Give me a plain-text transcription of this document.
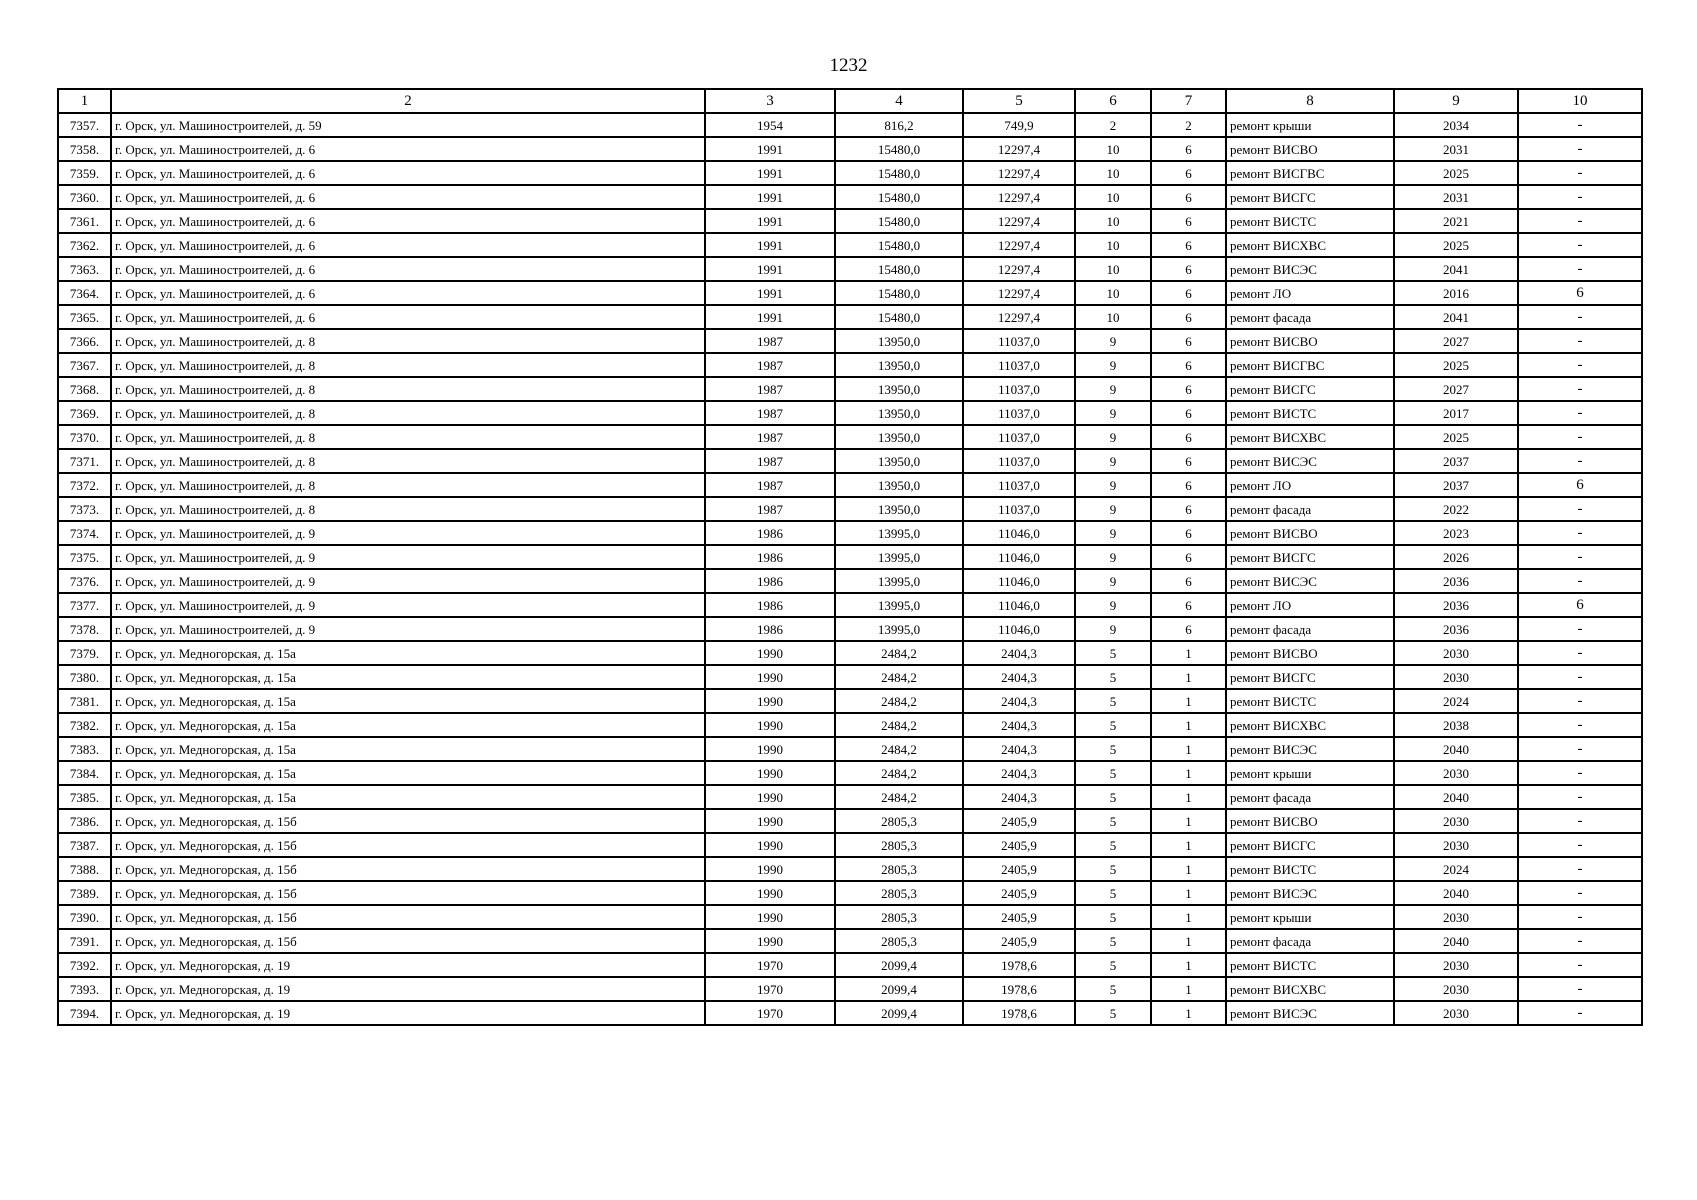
1232
1	2	3	4	5	6	7	8	9	10
7357.	г. Орск, ул. Машиностроителей, д. 59	1954	816,2	749,9	2	2	ремонт крыши	2034	-
7358.	г. Орск, ул. Машиностроителей, д. 6	1991	15480,0	12297,4	10	6	ремонт ВИСВО	2031	-
7359.	г. Орск, ул. Машиностроителей, д. 6	1991	15480,0	12297,4	10	6	ремонт ВИСГВС	2025	-
7360.	г. Орск, ул. Машиностроителей, д. 6	1991	15480,0	12297,4	10	6	ремонт ВИСГС	2031	-
7361.	г. Орск, ул. Машиностроителей, д. 6	1991	15480,0	12297,4	10	6	ремонт ВИСТС	2021	-
7362.	г. Орск, ул. Машиностроителей, д. 6	1991	15480,0	12297,4	10	6	ремонт ВИСХВС	2025	-
7363.	г. Орск, ул. Машиностроителей, д. 6	1991	15480,0	12297,4	10	6	ремонт ВИСЭС	2041	-
7364.	г. Орск, ул. Машиностроителей, д. 6	1991	15480,0	12297,4	10	6	ремонт ЛО	2016	6
7365.	г. Орск, ул. Машиностроителей, д. 6	1991	15480,0	12297,4	10	6	ремонт фасада	2041	-
7366.	г. Орск, ул. Машиностроителей, д. 8	1987	13950,0	11037,0	9	6	ремонт ВИСВО	2027	-
7367.	г. Орск, ул. Машиностроителей, д. 8	1987	13950,0	11037,0	9	6	ремонт ВИСГВС	2025	-
7368.	г. Орск, ул. Машиностроителей, д. 8	1987	13950,0	11037,0	9	6	ремонт ВИСГС	2027	-
7369.	г. Орск, ул. Машиностроителей, д. 8	1987	13950,0	11037,0	9	6	ремонт ВИСТС	2017	-
7370.	г. Орск, ул. Машиностроителей, д. 8	1987	13950,0	11037,0	9	6	ремонт ВИСХВС	2025	-
7371.	г. Орск, ул. Машиностроителей, д. 8	1987	13950,0	11037,0	9	6	ремонт ВИСЭС	2037	-
7372.	г. Орск, ул. Машиностроителей, д. 8	1987	13950,0	11037,0	9	6	ремонт ЛО	2037	6
7373.	г. Орск, ул. Машиностроителей, д. 8	1987	13950,0	11037,0	9	6	ремонт фасада	2022	-
7374.	г. Орск, ул. Машиностроителей, д. 9	1986	13995,0	11046,0	9	6	ремонт ВИСВО	2023	-
7375.	г. Орск, ул. Машиностроителей, д. 9	1986	13995,0	11046,0	9	6	ремонт ВИСГС	2026	-
7376.	г. Орск, ул. Машиностроителей, д. 9	1986	13995,0	11046,0	9	6	ремонт ВИСЭС	2036	-
7377.	г. Орск, ул. Машиностроителей, д. 9	1986	13995,0	11046,0	9	6	ремонт ЛО	2036	6
7378.	г. Орск, ул. Машиностроителей, д. 9	1986	13995,0	11046,0	9	6	ремонт фасада	2036	-
7379.	г. Орск, ул. Медногорская, д. 15а	1990	2484,2	2404,3	5	1	ремонт ВИСВО	2030	-
7380.	г. Орск, ул. Медногорская, д. 15а	1990	2484,2	2404,3	5	1	ремонт ВИСГС	2030	-
7381.	г. Орск, ул. Медногорская, д. 15а	1990	2484,2	2404,3	5	1	ремонт ВИСТС	2024	-
7382.	г. Орск, ул. Медногорская, д. 15а	1990	2484,2	2404,3	5	1	ремонт ВИСХВС	2038	-
7383.	г. Орск, ул. Медногорская, д. 15а	1990	2484,2	2404,3	5	1	ремонт ВИСЭС	2040	-
7384.	г. Орск, ул. Медногорская, д. 15а	1990	2484,2	2404,3	5	1	ремонт крыши	2030	-
7385.	г. Орск, ул. Медногорская, д. 15а	1990	2484,2	2404,3	5	1	ремонт фасада	2040	-
7386.	г. Орск, ул. Медногорская, д. 15б	1990	2805,3	2405,9	5	1	ремонт ВИСВО	2030	-
7387.	г. Орск, ул. Медногорская, д. 15б	1990	2805,3	2405,9	5	1	ремонт ВИСГС	2030	-
7388.	г. Орск, ул. Медногорская, д. 15б	1990	2805,3	2405,9	5	1	ремонт ВИСТС	2024	-
7389.	г. Орск, ул. Медногорская, д. 15б	1990	2805,3	2405,9	5	1	ремонт ВИСЭС	2040	-
7390.	г. Орск, ул. Медногорская, д. 15б	1990	2805,3	2405,9	5	1	ремонт крыши	2030	-
7391.	г. Орск, ул. Медногорская, д. 15б	1990	2805,3	2405,9	5	1	ремонт фасада	2040	-
7392.	г. Орск, ул. Медногорская, д. 19	1970	2099,4	1978,6	5	1	ремонт ВИСТС	2030	-
7393.	г. Орск, ул. Медногорская, д. 19	1970	2099,4	1978,6	5	1	ремонт ВИСХВС	2030	-
7394.	г. Орск, ул. Медногорская, д. 19	1970	2099,4	1978,6	5	1	ремонт ВИСЭС	2030	-
